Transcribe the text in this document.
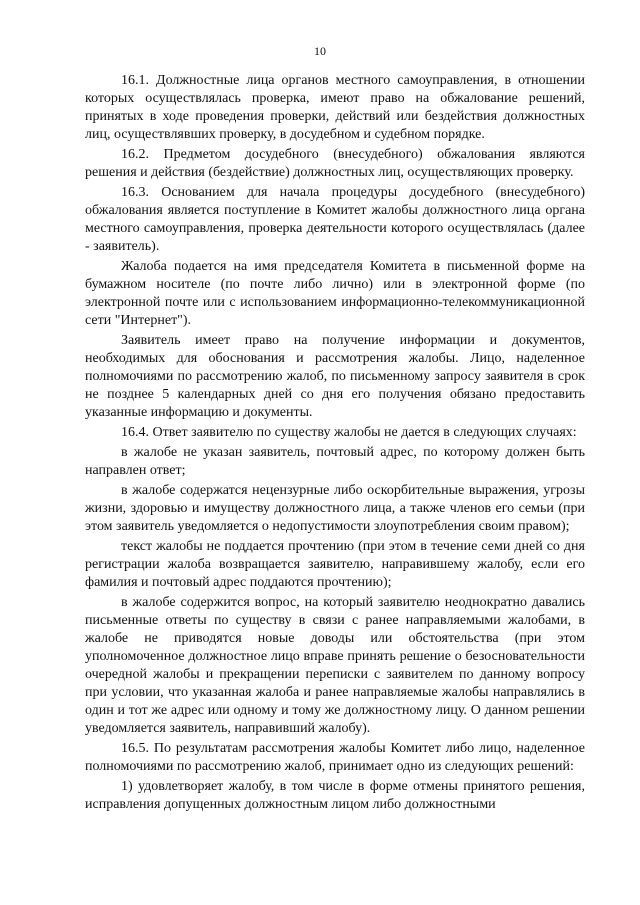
10

16.1. Должностные лица органов местного самоуправления, в отношении которых осуществлялась проверка, имеют право на обжалование решений, принятых в ходе проведения проверки, действий или бездействия должностных лиц, осуществлявших проверку, в досудебном и судебном порядке.

16.2. Предметом досудебного (внесудебного) обжалования являются решения и действия (бездействие) должностных лиц, осуществляющих проверку.

16.3. Основанием для начала процедуры досудебного (внесудебного) обжалования является поступление в Комитет жалобы должностного лица органа местного самоуправления, проверка деятельности которого осуществлялась (далее - заявитель).

Жалоба подается на имя председателя Комитета в письменной форме на бумажном носителе (по почте либо лично) или в электронной форме (по электронной почте или с использованием информационно-телекоммуникационной сети "Интернет").

Заявитель имеет право на получение информации и документов, необходимых для обоснования и рассмотрения жалобы. Лицо, наделенное полномочиями по рассмотрению жалоб, по письменному запросу заявителя в срок не позднее 5 календарных дней со дня его получения обязано предоставить указанные информацию и документы.

16.4. Ответ заявителю по существу жалобы не дается в следующих случаях:

в жалобе не указан заявитель, почтовый адрес, по которому должен быть направлен ответ;

в жалобе содержатся нецензурные либо оскорбительные выражения, угрозы жизни, здоровью и имуществу должностного лица, а также членов его семьи (при этом заявитель уведомляется о недопустимости злоупотребления своим правом);

текст жалобы не поддается прочтению (при этом в течение семи дней со дня регистрации жалоба возвращается заявителю, направившему жалобу, если его фамилия и почтовый адрес поддаются прочтению);

в жалобе содержится вопрос, на который заявителю неоднократно давались письменные ответы по существу в связи с ранее направляемыми жалобами, в жалобе не приводятся новые доводы или обстоятельства (при этом уполномоченное должностное лицо вправе принять решение о безосновательности очередной жалобы и прекращении переписки с заявителем по данному вопросу при условии, что указанная жалоба и ранее направляемые жалобы направлялись в один и тот же адрес или одному и тому же должностному лицу. О данном решении уведомляется заявитель, направивший жалобу).

16.5. По результатам рассмотрения жалобы Комитет либо лицо, наделенное полномочиями по рассмотрению жалоб, принимает одно из следующих решений:

1) удовлетворяет жалобу, в том числе в форме отмены принятого решения, исправления допущенных должностным лицом либо должностными
